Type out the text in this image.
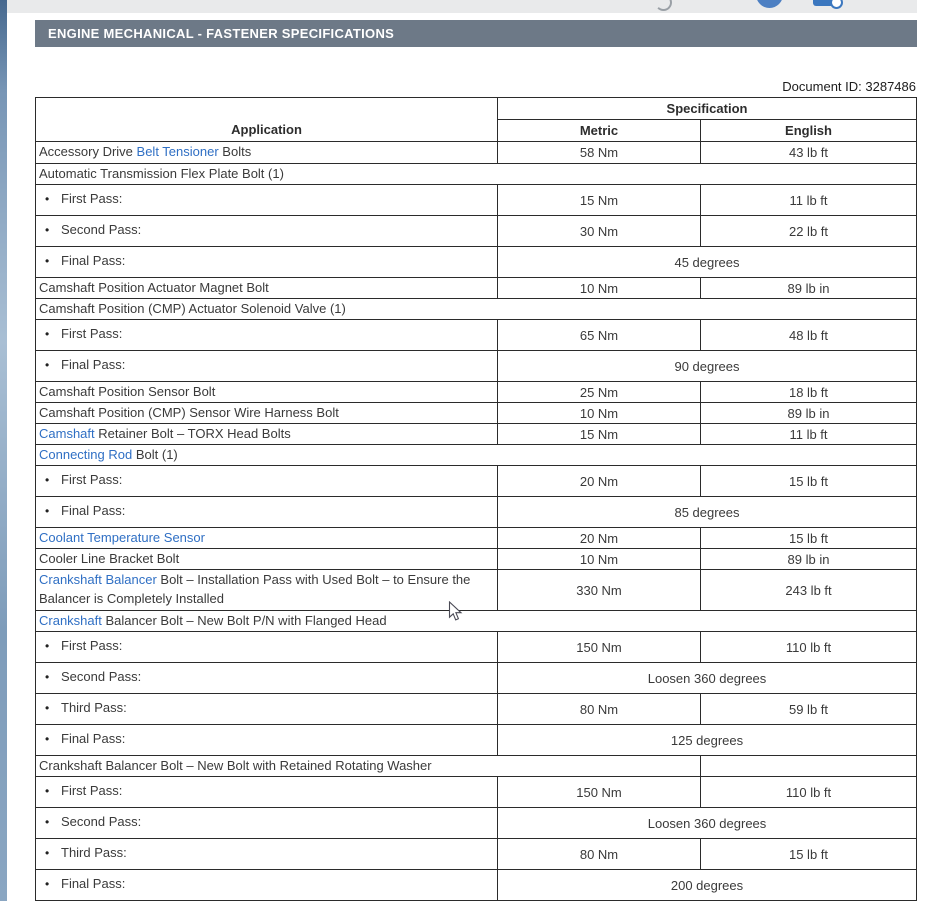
ENGINE MECHANICAL - FASTENER SPECIFICATIONS
Document ID: 3287486
Application	Specification	
	Metric	English
Accessory Drive Belt Tensioner Bolts	58 Nm	43 lb ft
Automatic Transmission Flex Plate Bolt (1)		
• First Pass:	15 Nm	11 lb ft
• Second Pass:	30 Nm	22 lb ft
• Final Pass:	45 degrees	
Camshaft Position Actuator Magnet Bolt	10 Nm	89 lb in
Camshaft Position (CMP) Actuator Solenoid Valve (1)		
• First Pass:	65 Nm	48 lb ft
• Final Pass:	90 degrees	
Camshaft Position Sensor Bolt	25 Nm	18 lb ft
Camshaft Position (CMP) Sensor Wire Harness Bolt	10 Nm	89 lb in
Camshaft Retainer Bolt – TORX Head Bolts	15 Nm	11 lb ft
Connecting Rod Bolt (1)		
• First Pass:	20 Nm	15 lb ft
• Final Pass:	85 degrees	
Coolant Temperature Sensor	20 Nm	15 lb ft
Cooler Line Bracket Bolt	10 Nm	89 lb in
Crankshaft Balancer Bolt – Installation Pass with Used Bolt – to Ensure the Balancer is Completely Installed	330 Nm	243 lb ft
Crankshaft Balancer Bolt – New Bolt P/N with Flanged Head		
• First Pass:	150 Nm	110 lb ft
• Second Pass:	Loosen 360 degrees	
• Third Pass:	80 Nm	59 lb ft
• Final Pass:	125 degrees	
Crankshaft Balancer Bolt – New Bolt with Retained Rotating Washer		
• First Pass:	150 Nm	110 lb ft
• Second Pass:	Loosen 360 degrees	
• Third Pass:	80 Nm	15 lb ft
• Final Pass:	200 degrees	
